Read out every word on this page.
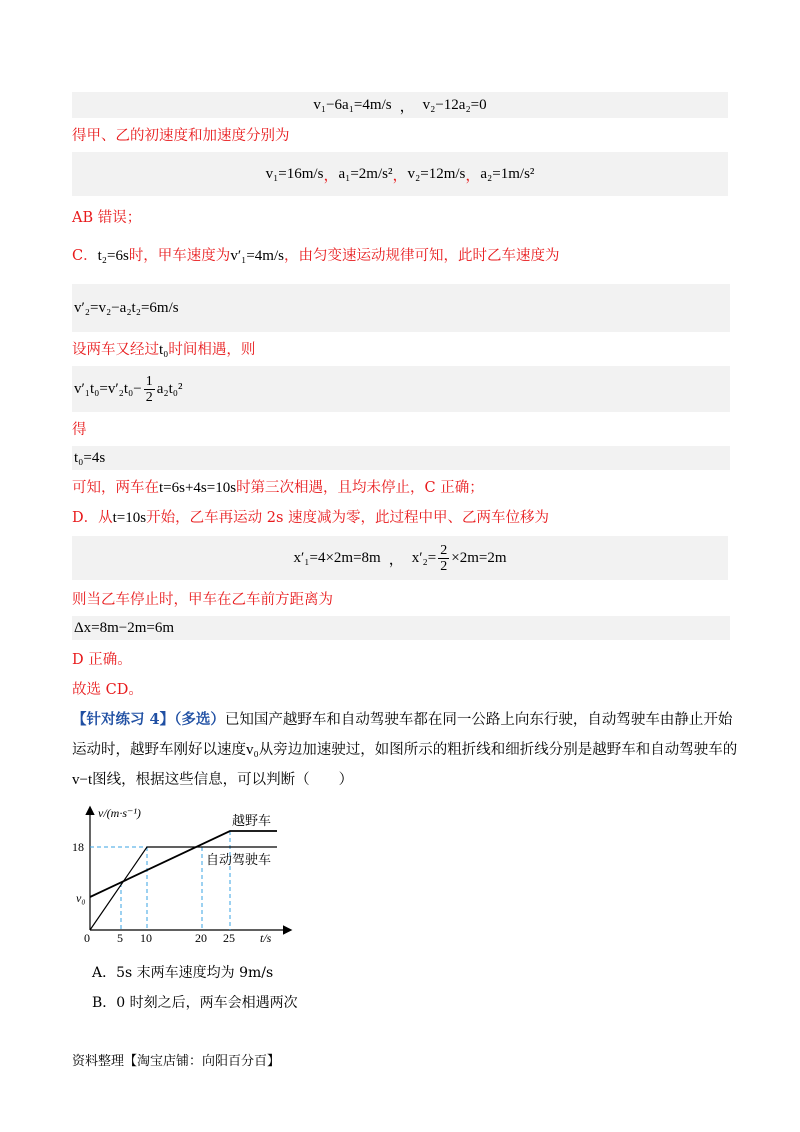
v₁−6a₁=4m/s ， v₂−12a₂=0
得甲、乙的初速度和加速度分别为
v₁=16m/s ， a₁=2m/s² ， v₂=12m/s ， a₂=1m/s²
AB 错误；
C．t₂=6s时，甲车速度为v′₁=4m/s，由匀变速运动规律可知，此时乙车速度为
v′₂=v₂−a₂t₂=6m/s
设两车又经过t₀时间相遇，则
$v'_1t_0=v'_2t_0- \frac{1}{2} a_2t_0^2$
得
t₀=4s
可知，两车在t=6s+4s=10s时第三次相遇，且均未停止，C 正确；
D．从t=10s开始，乙车再运动 2s 速度减为零，此过程中甲、乙两车位移为
x′₁=4×2m=8m ， $x'_2= \frac{2}{2} \times 2m=2m$
则当乙车停止时，甲车在乙车前方距离为
Δx=8m−2m=6m
D 正确。
故选 CD。
【针对练习 4】（多选）已知国产越野车和自动驾驶车都在同一公路上向东行驶，自动驾驶车由静止开始
运动时，越野车刚好以速度v₀从旁边加速驶过，如图所示的粗折线和细折线分别是越野车和自动驾驶车的
v−t图线，根据这些信息，可以判断（　　）
v/(m·s⁻¹)
t/s
18
v₀
0 5 10	20 25
越野车
自动驾驶车
A．5s 末两车速度均为 9m/s
B．0 时刻之后，两车会相遇两次
资料整理【淘宝店铺：向阳百分百】
